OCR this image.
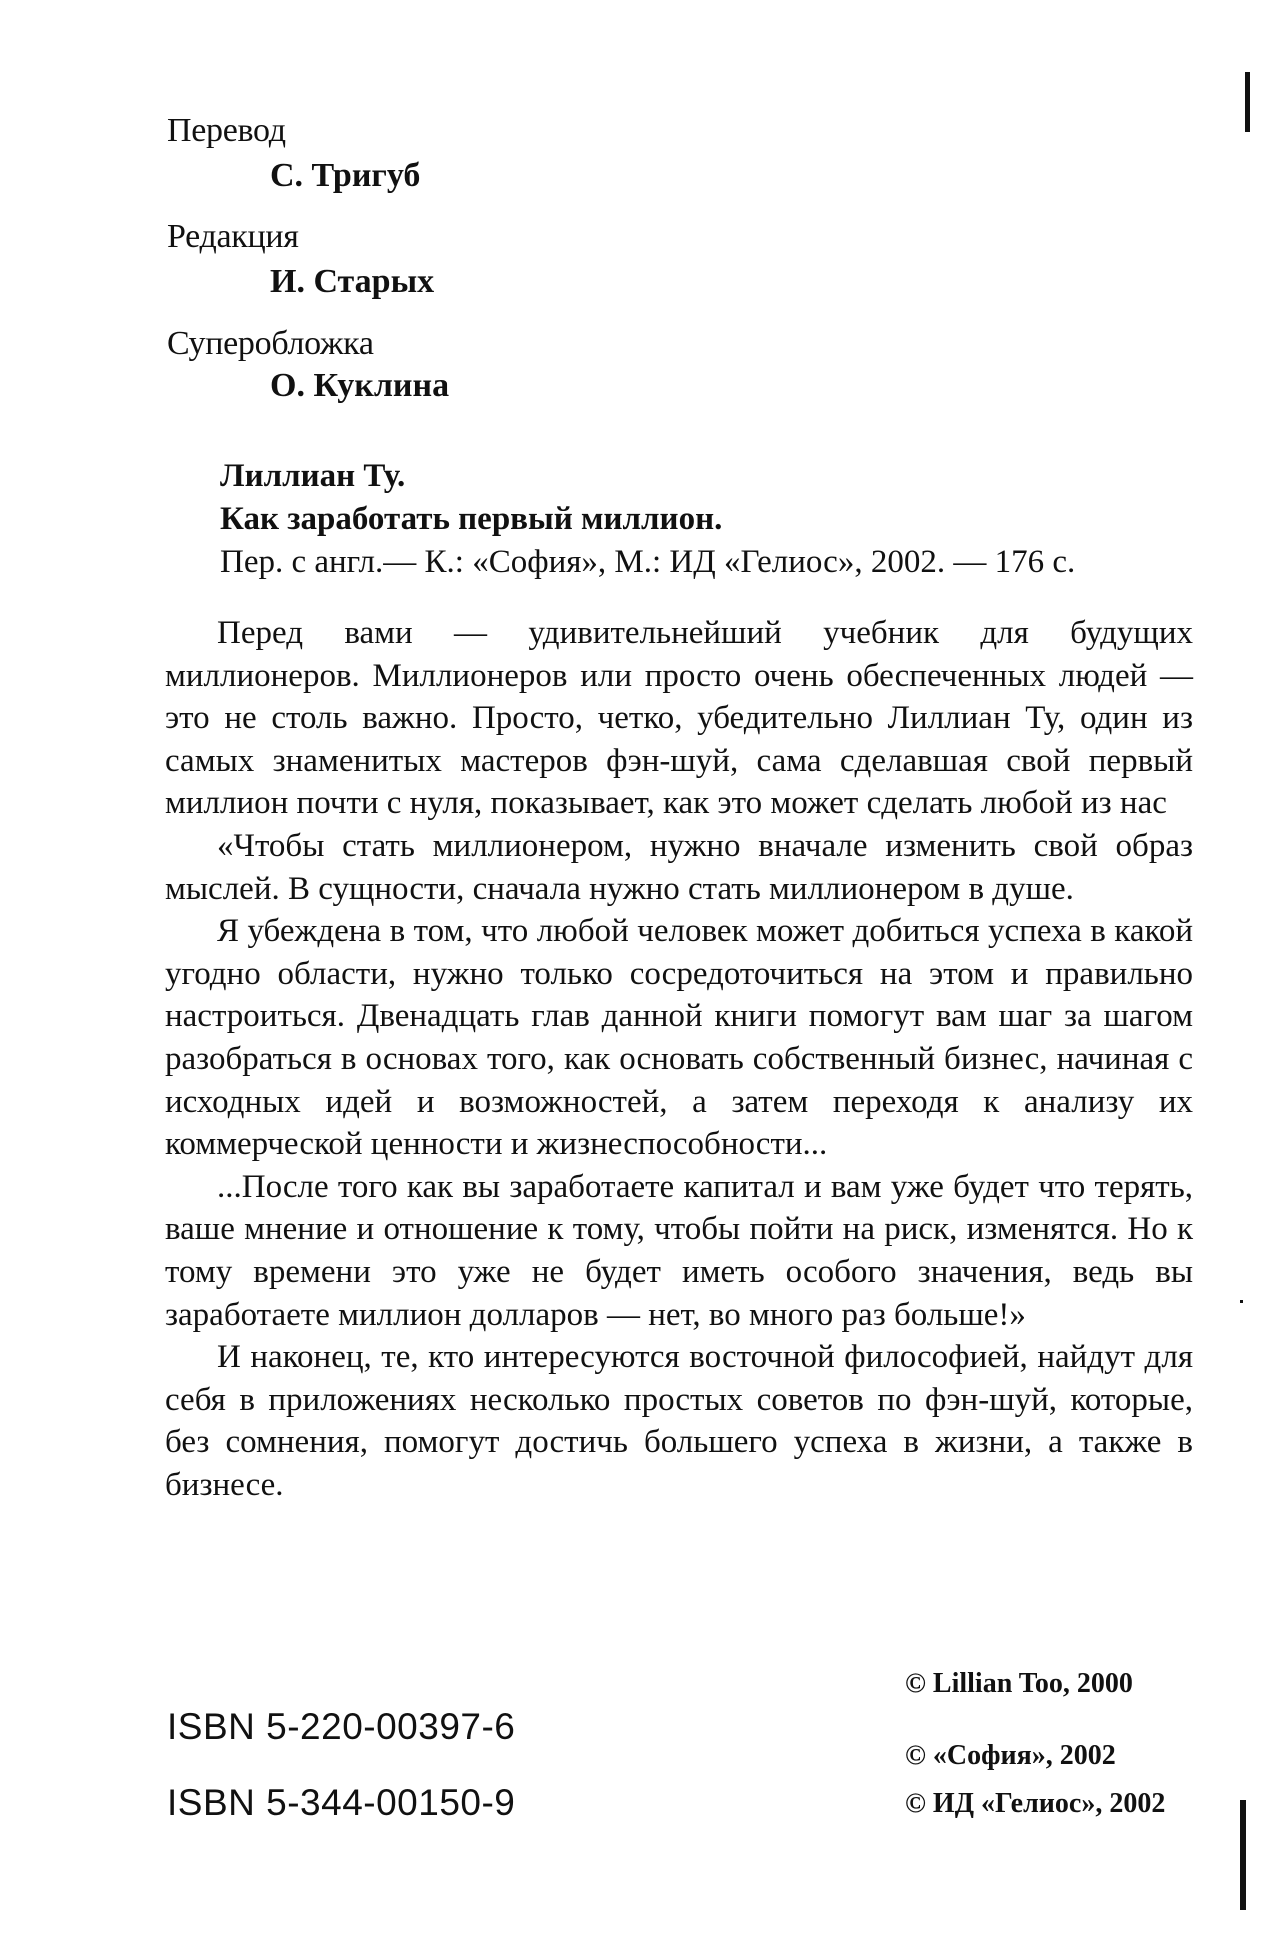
Перевод
С. Тригуб
Редакция
И. Старых
Суперобложка
О. Куклина
Лиллиан Ту.
Как заработать первый миллион.
Пер. с англ.— К.: «София», М.: ИД «Гелиос», 2002. — 176 с.

Перед вами — удивительнейший учебник для будущих миллионеров. Миллионеров или просто очень обеспеченных людей — это не столь важно. Просто, четко, убедительно Лиллиан Ту, один из самых знаменитых мастеров фэн-шуй, сама сделавшая свой первый миллион почти с нуля, показывает, как это может сделать любой из нас

«Чтобы стать миллионером, нужно вначале изменить свой образ мыслей. В сущности, сначала нужно стать миллионером в душе.

Я убеждена в том, что любой человек может добиться успеха в какой угодно области, нужно только сосредоточиться на этом и правильно настроиться. Двенадцать глав данной книги помогут вам шаг за шагом разобраться в основах того, как основать собственный бизнес, начиная с исходных идей и возможностей, а затем переходя к анализу их коммерческой ценности и жизнеспособности...

...После того как вы заработаете капитал и вам уже будет что терять, ваше мнение и отношение к тому, чтобы пойти на риск, изменятся. Но к тому времени это уже не будет иметь особого значения, ведь вы заработаете миллион долларов — нет, во много раз больше!»

И наконец, те, кто интересуются восточной философией, найдут для себя в приложениях несколько простых советов по фэн-шуй, которые, без сомнения, помогут достичь большего успеха в жизни, а также в бизнесе.

ISBN 5-220-00397-6
ISBN 5-344-00150-9
© Lillian Too, 2000
© «София», 2002
© ИД «Гелиос», 2002
